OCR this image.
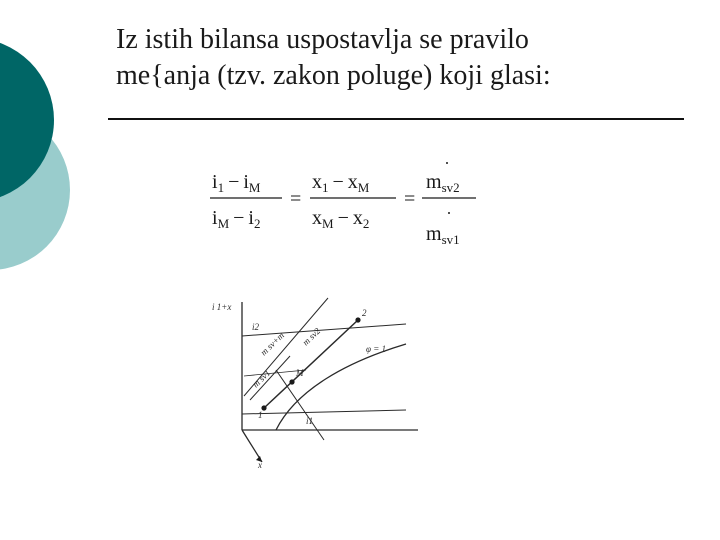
Iz istih bilansa uspostavlja se pravilo
me{anja (tzv. zakon poluge) koji glasi:
$i_1 - i_M$
$i_M - i_2$
=
$x_1 - x_M$
$x_M - x_2$
=
$m_{sv2}$
$m_{sv1}$
i 1+x
x
i2
i1
2
1
M
φ = 1
m sv+m m sv2
m sv1
